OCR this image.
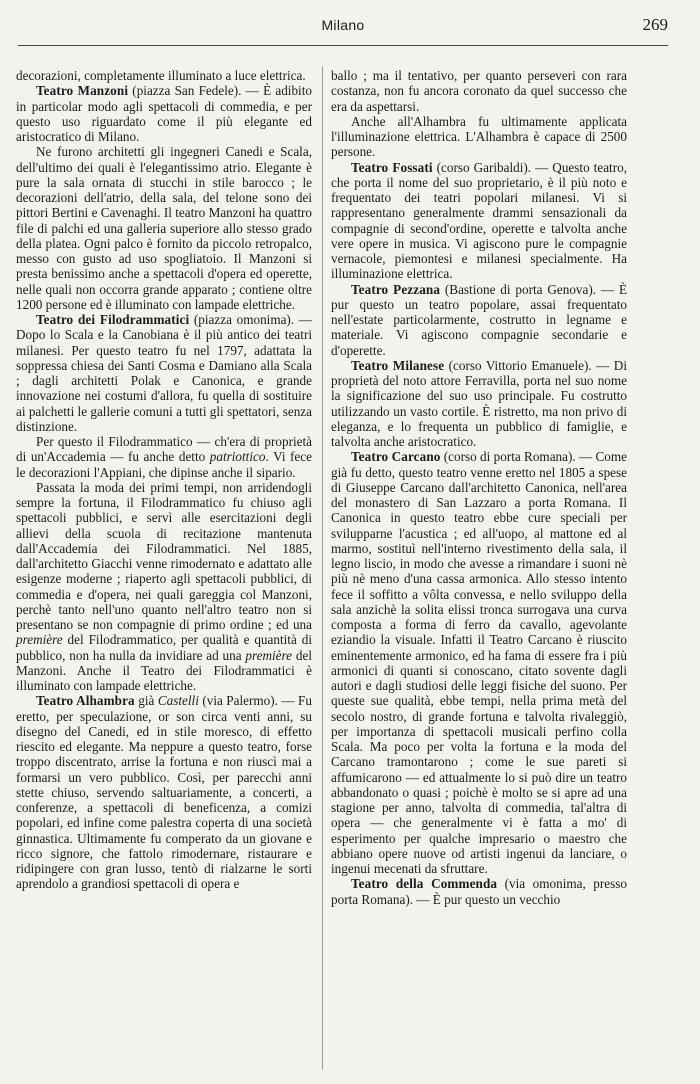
Milano	269

decorazioni, completamente illuminato a luce elettrica.

Teatro Manzoni (piazza San Fedele). — È adibito in particolar modo agli spettacoli di commedia, e per questo uso riguardato come il più elegante ed aristocratico di Milano.

Ne furono architetti gli ingegneri Canedi e Scala, dell'ultimo dei quali è l'elegantissimo atrio. Elegante è pure la sala ornata di stucchi in stile barocco ; le decorazioni dell'atrio, della sala, del telone sono dei pittori Bertini e Cavenaghi. Il teatro Manzoni ha quattro file di palchi ed una galleria superiore allo stesso grado della platea. Ogni palco è fornito da piccolo retropalco, messo con gusto ad uso spogliatoio. Il Manzoni si presta benissimo anche a spettacoli d'opera ed operette, nelle quali non occorra grande apparato ; contiene oltre 1200 persone ed è illuminato con lampade elettriche.

Teatro dei Filodrammatici (piazza omonima). — Dopo lo Scala e la Canobiana è il più antico dei teatri milanesi. Per questo teatro fu nel 1797, adattata la soppressa chiesa dei Santi Cosma e Damiano alla Scala ; dagli architetti Polak e Canonica, e grande innovazione nei costumi d'allora, fu quella di sostituire ai palchetti le gallerie comuni a tutti gli spettatori, senza distinzione.

Per questo il Filodrammatico — ch'era di proprietà di un'Accademia — fu anche detto patriottico. Vi fece le decorazioni l'Appiani, che dipinse anche il sipario.

Passata la moda dei primi tempi, non arridendogli sempre la fortuna, il Filodrammatico fu chiuso agli spettacoli pubblici, e servì alle esercitazioni degli allievi della scuola di recitazione mantenuta dall'Accademia dei Filodrammatici. Nel 1885, dall'architetto Giacchi venne rimodernato e adattato alle esigenze moderne ; riaperto agli spettacoli pubblici, di commedia e d'opera, nei quali gareggia col Manzoni, perchè tanto nell'uno quanto nell'altro teatro non si presentano se non compagnie di primo ordine ; ed una première del Filodrammatico, per qualità e quantità di pubblico, non ha nulla da invidiare ad una première del Manzoni. Anche il Teatro dei Filodrammatici è illuminato con lampade elettriche.

Teatro Alhambra già Castelli (via Palermo). — Fu eretto, per speculazione, or son circa venti anni, su disegno del Canedi, ed in stile moresco, di effetto riescito ed elegante. Ma neppure a questo teatro, forse troppo discentrato, arrise la fortuna e non riuscì mai a formarsi un vero pubblico. Così, per parecchi anni stette chiuso, servendo saltuariamente, a concerti, a conferenze, a spettacoli di beneficenza, a comizi popolari, ed infine come palestra coperta di una società ginnastica. Ultimamente fu comperato da un giovane e ricco signore, che fattolo rimodernare, ristaurare e ridipingere con gran lusso, tentò di rialzarne le sorti aprendolo a grandiosi spettacoli di opera e

ballo ; ma il tentativo, per quanto perseveri con rara costanza, non fu ancora coronato da quel successo che era da aspettarsi.

Anche all'Alhambra fu ultimamente applicata l'illuminazione elettrica. L'Alhambra è capace di 2500 persone.

Teatro Fossati (corso Garibaldi). — Questo teatro, che porta il nome del suo proprietario, è il più noto e frequentato dei teatri popolari milanesi. Vi si rappresentano generalmente drammi sensazionali da compagnie di second'ordine, operette e talvolta anche vere opere in musica. Vi agiscono pure le compagnie vernacole, piemontesi e milanesi specialmente. Ha illuminazione elettrica.

Teatro Pezzana (Bastione di porta Genova). — È pur questo un teatro popolare, assai frequentato nell'estate particolarmente, costrutto in legname e materiale. Vi agiscono compagnie secondarie e d'operette.

Teatro Milanese (corso Vittorio Emanuele). — Di proprietà del noto attore Ferravilla, porta nel suo nome la significazione del suo uso principale. Fu costrutto utilizzando un vasto cortile. È ristretto, ma non privo di eleganza, e lo frequenta un pubblico di famiglie, e talvolta anche aristocratico.

Teatro Carcano (corso di porta Romana). — Come già fu detto, questo teatro venne eretto nel 1805 a spese di Giuseppe Carcano dall'architetto Canonica, nell'area del monastero di San Lazzaro a porta Romana. Il Canonica in questo teatro ebbe cure speciali per svilupparne l'acustica ; ed all'uopo, al mattone ed al marmo, sostituì nell'interno rivestimento della sala, il legno liscio, in modo che avesse a rimandare i suoni nè più nè meno d'una cassa armonica. Allo stesso intento fece il soffitto a vôlta convessa, e nello sviluppo della sala anzichè la solita elissi tronca surrogava una curva composta a forma di ferro da cavallo, agevolante eziandio la visuale. Infatti il Teatro Carcano è riuscito eminentemente armonico, ed ha fama di essere fra i più armonici di quanti si conoscano, citato sovente dagli autori e dagli studiosi delle leggi fisiche del suono. Per queste sue qualità, ebbe tempi, nella prima metà del secolo nostro, di grande fortuna e talvolta rivaleggiò, per importanza di spettacoli musicali perfino colla Scala. Ma poco per volta la fortuna e la moda del Carcano tramontarono ; come le sue pareti si affumicarono — ed attualmente lo si può dire un teatro abbandonato o quasi ; poichè è molto se si apre ad una stagione per anno, talvolta di commedia, tal'altra di opera — che generalmente vi è fatta a mo' di esperimento per qualche impresario o maestro che abbiano opere nuove od artisti ingenui da lanciare, o ingenui mecenati da sfruttare.

Teatro della Commenda (via omonima, presso porta Romana). — È pur questo un vecchio
